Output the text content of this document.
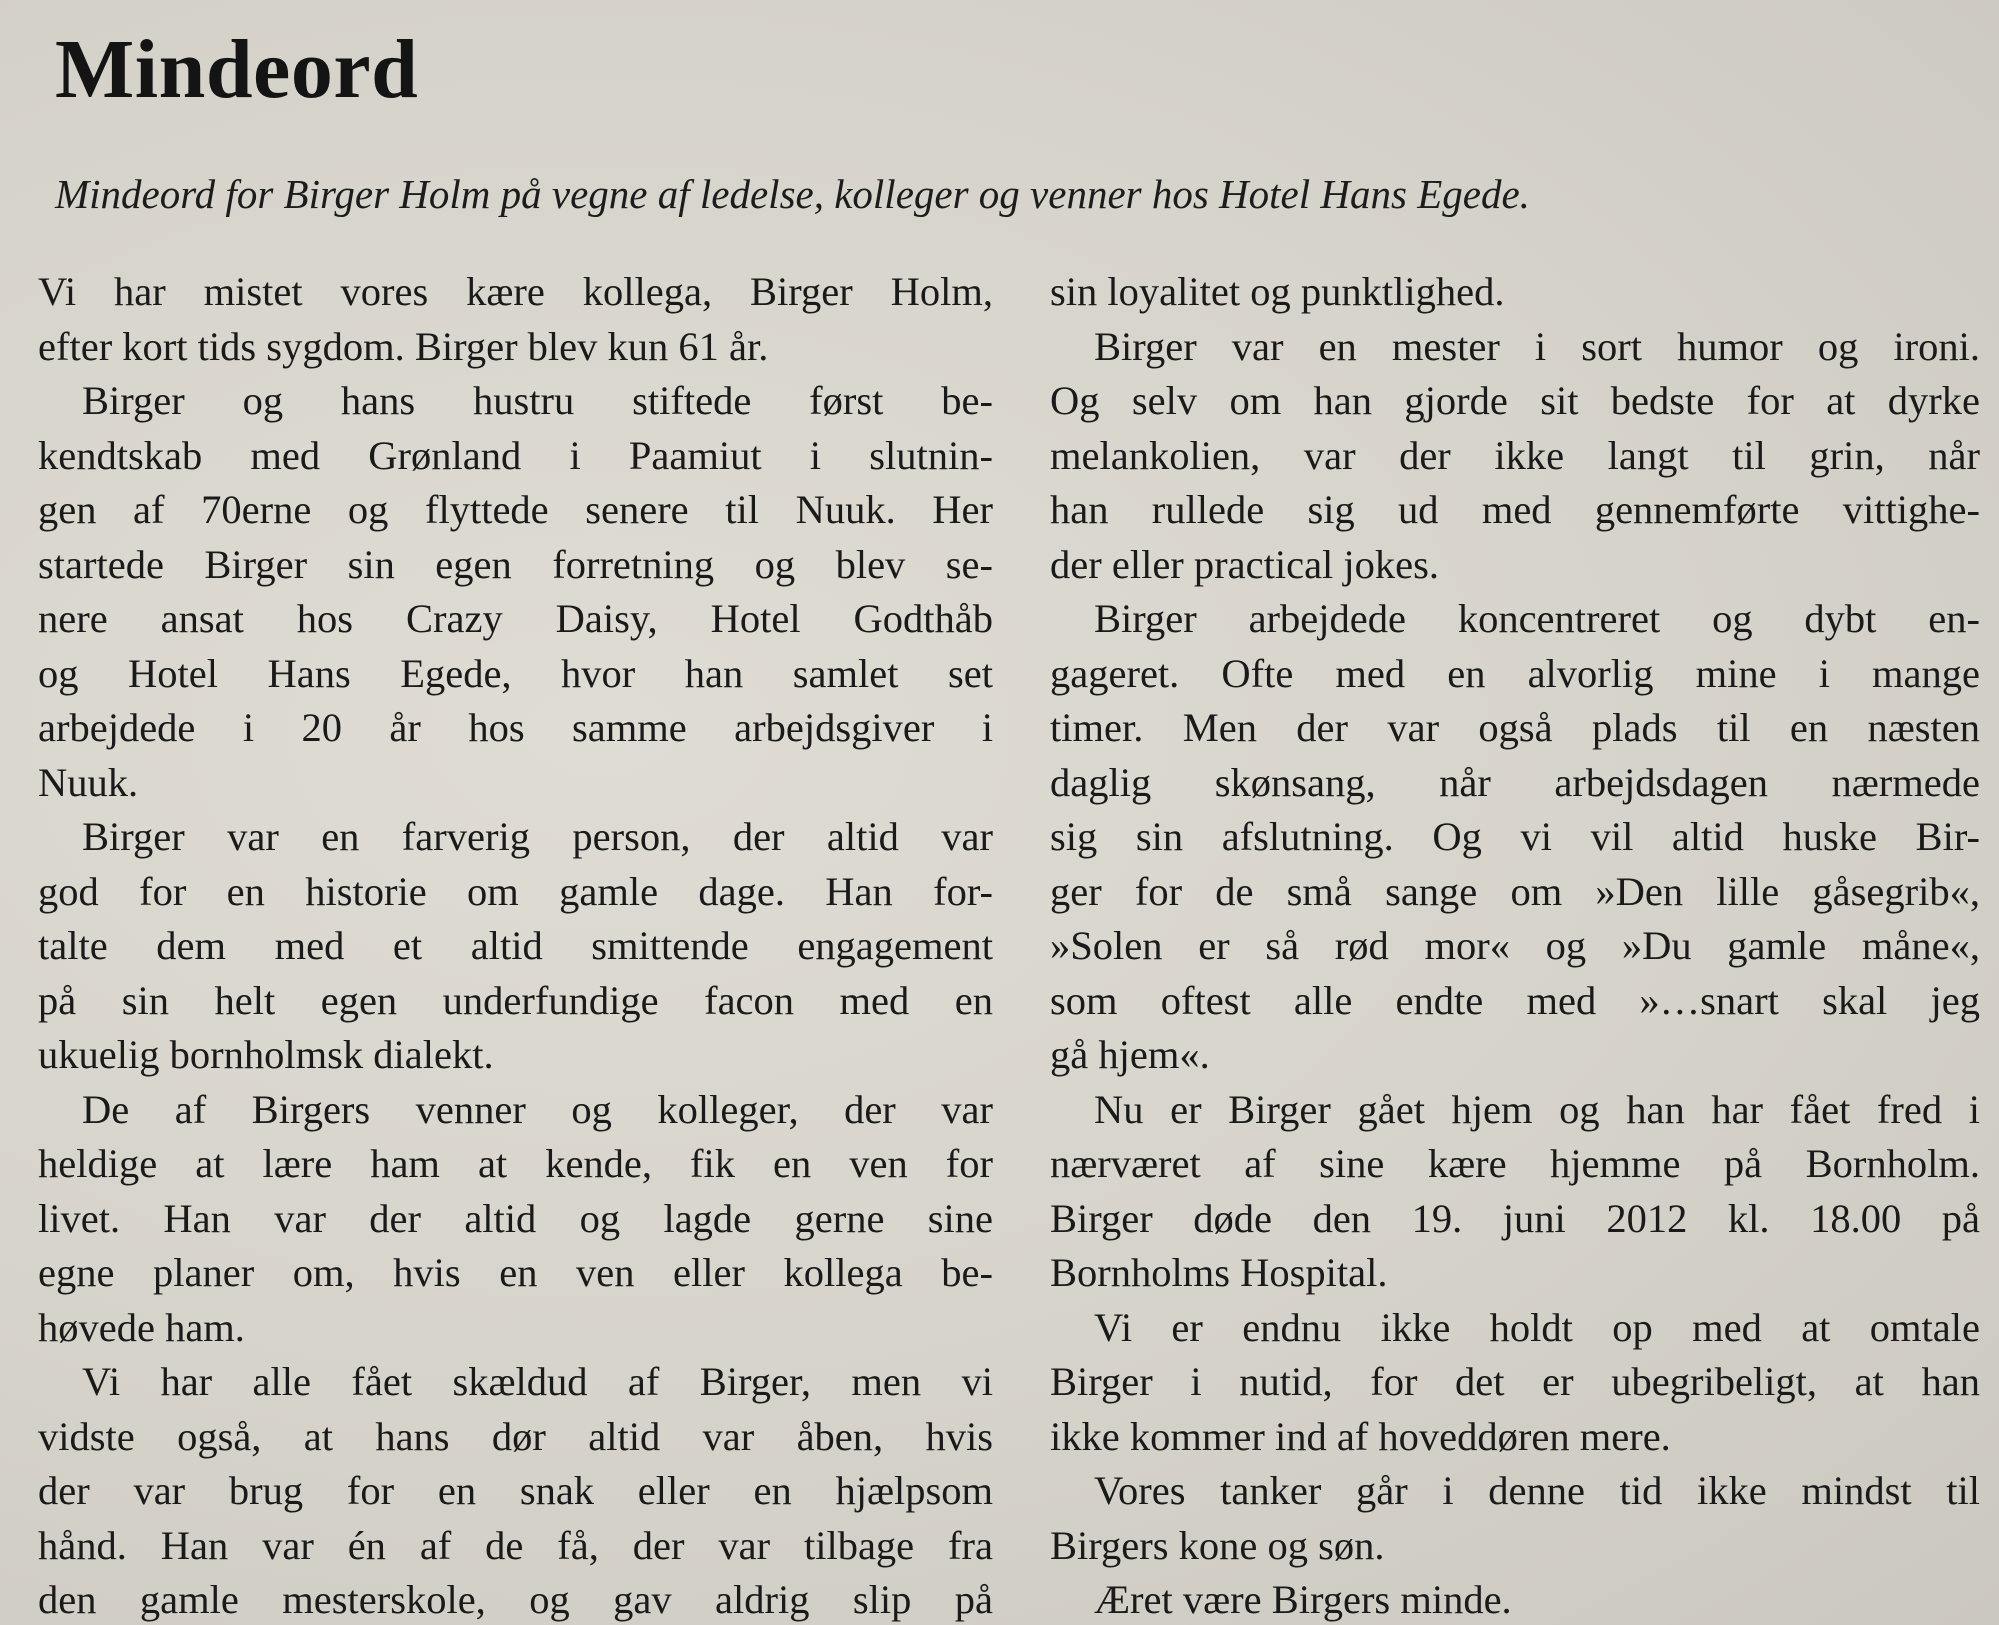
Mindeord

Mindeord for Birger Holm på vegne af ledelse, kolleger og venner hos Hotel Hans Egede.

Vi har mistet vores kære kollega, Birger Holm,
efter kort tids sygdom. Birger blev kun 61 år.
Birger og hans hustru stiftede først be-
kendtskab med Grønland i Paamiut i slutnin-
gen af 70erne og flyttede senere til Nuuk. Her
startede Birger sin egen forretning og blev se-
nere ansat hos Crazy Daisy, Hotel Godthåb
og Hotel Hans Egede, hvor han samlet set
arbejdede i 20 år hos samme arbejdsgiver i
Nuuk.
Birger var en farverig person, der altid var
god for en historie om gamle dage. Han for-
talte dem med et altid smittende engagement
på sin helt egen underfundige facon med en
ukuelig bornholmsk dialekt.
De af Birgers venner og kolleger, der var
heldige at lære ham at kende, fik en ven for
livet. Han var der altid og lagde gerne sine
egne planer om, hvis en ven eller kollega be-
høvede ham.
Vi har alle fået skældud af Birger, men vi
vidste også, at hans dør altid var åben, hvis
der var brug for en snak eller en hjælpsom
hånd. Han var én af de få, der var tilbage fra
den gamle mesterskole, og gav aldrig slip på
sin loyalitet og punktlighed.
Birger var en mester i sort humor og ironi.
Og selv om han gjorde sit bedste for at dyrke
melankolien, var der ikke langt til grin, når
han rullede sig ud med gennemførte vittighe-
der eller practical jokes.
Birger arbejdede koncentreret og dybt en-
gageret. Ofte med en alvorlig mine i mange
timer. Men der var også plads til en næsten
daglig skønsang, når arbejdsdagen nærmede
sig sin afslutning. Og vi vil altid huske Bir-
ger for de små sange om »Den lille gåsegrib«,
»Solen er så rød mor« og »Du gamle måne«,
som oftest alle endte med »…snart skal jeg
gå hjem«.
Nu er Birger gået hjem og han har fået fred i
nærværet af sine kære hjemme på Bornholm.
Birger døde den 19. juni 2012 kl. 18.00 på
Bornholms Hospital.
Vi er endnu ikke holdt op med at omtale
Birger i nutid, for det er ubegribeligt, at han
ikke kommer ind af hoveddøren mere.
Vores tanker går i denne tid ikke mindst til
Birgers kone og søn.
Æret være Birgers minde.
